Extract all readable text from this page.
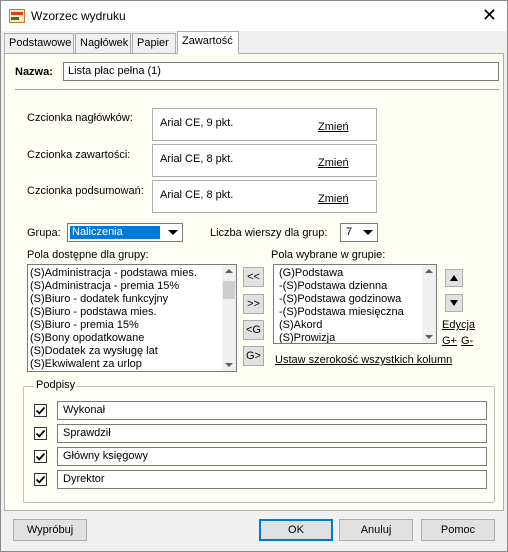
Wzorzec wydruku	✕
Podstawowe Nagłówek Papier	Zawartość
Nazwa:	Lista płac pełna (1)
Czcionka nagłówków: Arial CE, 9 pkt.	Zmień
Czcionka zawartości:	Arial CE, 8 pkt.	Zmień
Czcionka podsumowań: Arial CE, 8 pkt.	Zmień
Grupa: Naliczenia	Liczba wierszy dla grup: 7
Pola dostępne dla grupy:
(S)Administracja - podstawa mies.
(S)Administracja - premia 15%
(S)Biuro - dodatek funkcyjny
(S)Biuro - podstawa mies.
(S)Biuro - premia 15%
(S)Bony opodatkowane
(S)Dodatek za wysługę lat
(S)Ekwiwalent za urlop
<<
>>
<G
G>
Pola wybrane w grupie:
(G)Podstawa
-(S)Podstawa dzienna
-(S)Podstawa godzinowa
-(S)Podstawa miesięczna
(S)Akord
(S)Prowizja
Edycja
G+ G-
Ustaw szerokość wszystkich kolumn
Podpisy
Wykonał
Sprawdził
Główny księgowy
Dyrektor
Wypróbuj	OK	Anuluj	Pomoc
